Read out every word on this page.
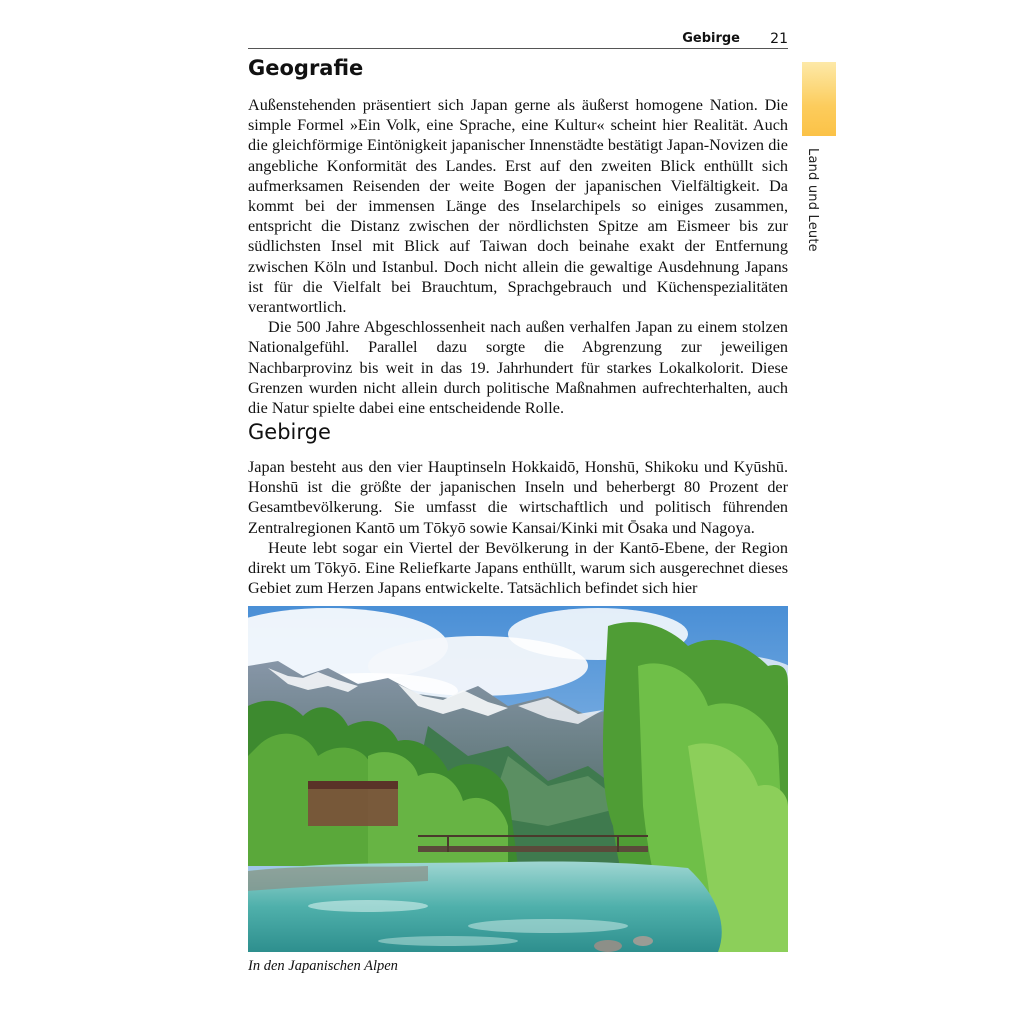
Gebirge 21
Land und Leute
Geografie

Außenstehenden präsentiert sich Japan gerne als äußerst homogene Nation. Die simple Formel »Ein Volk, eine Sprache, eine Kultur« scheint hier Realität. Auch die gleichförmige Eintönigkeit japanischer Innenstädte bestätigt Japan-Novizen die angebliche Konformität des Landes. Erst auf den zweiten Blick enthüllt sich aufmerksamen Reisenden der weite Bogen der japanischen Vielfältigkeit. Da kommt bei der immensen Länge des Inselarchipels so einiges zusammen, entspricht die Distanz zwischen der nördlichsten Spitze am Eismeer bis zur südlichsten Insel mit Blick auf Taiwan doch beinahe exakt der Entfernung zwischen Köln und Istanbul. Doch nicht allein die gewaltige Ausdehnung Japans ist für die Vielfalt bei Brauchtum, Sprachgebrauch und Küchenspezialitäten verantwortlich.

Die 500 Jahre Abgeschlossenheit nach außen verhalfen Japan zu einem stolzen Nationalgefühl. Parallel dazu sorgte die Abgrenzung zur jeweiligen Nachbarprovinz bis weit in das 19. Jahrhundert für starkes Lokalkolorit. Diese Grenzen wurden nicht allein durch politische Maßnahmen aufrechterhalten, auch die Natur spielte dabei eine entscheidende Rolle.

Gebirge

Japan besteht aus den vier Hauptinseln Hokkaidō, Honshū, Shikoku und Kyūshū. Honshū ist die größte der japanischen Inseln und beherbergt 80 Prozent der Gesamtbevölkerung. Sie umfasst die wirtschaftlich und politisch führenden Zentralregionen Kantō um Tōkyō sowie Kansai/Kinki mit Ōsaka und Nagoya.

Heute lebt sogar ein Viertel der Bevölkerung in der Kantō-Ebene, der Region direkt um Tōkyō. Eine Reliefkarte Japans enthüllt, warum sich ausgerechnet dieses Gebiet zum Herzen Japans entwickelte. Tatsächlich befindet sich hier

In den Japanischen Alpen
